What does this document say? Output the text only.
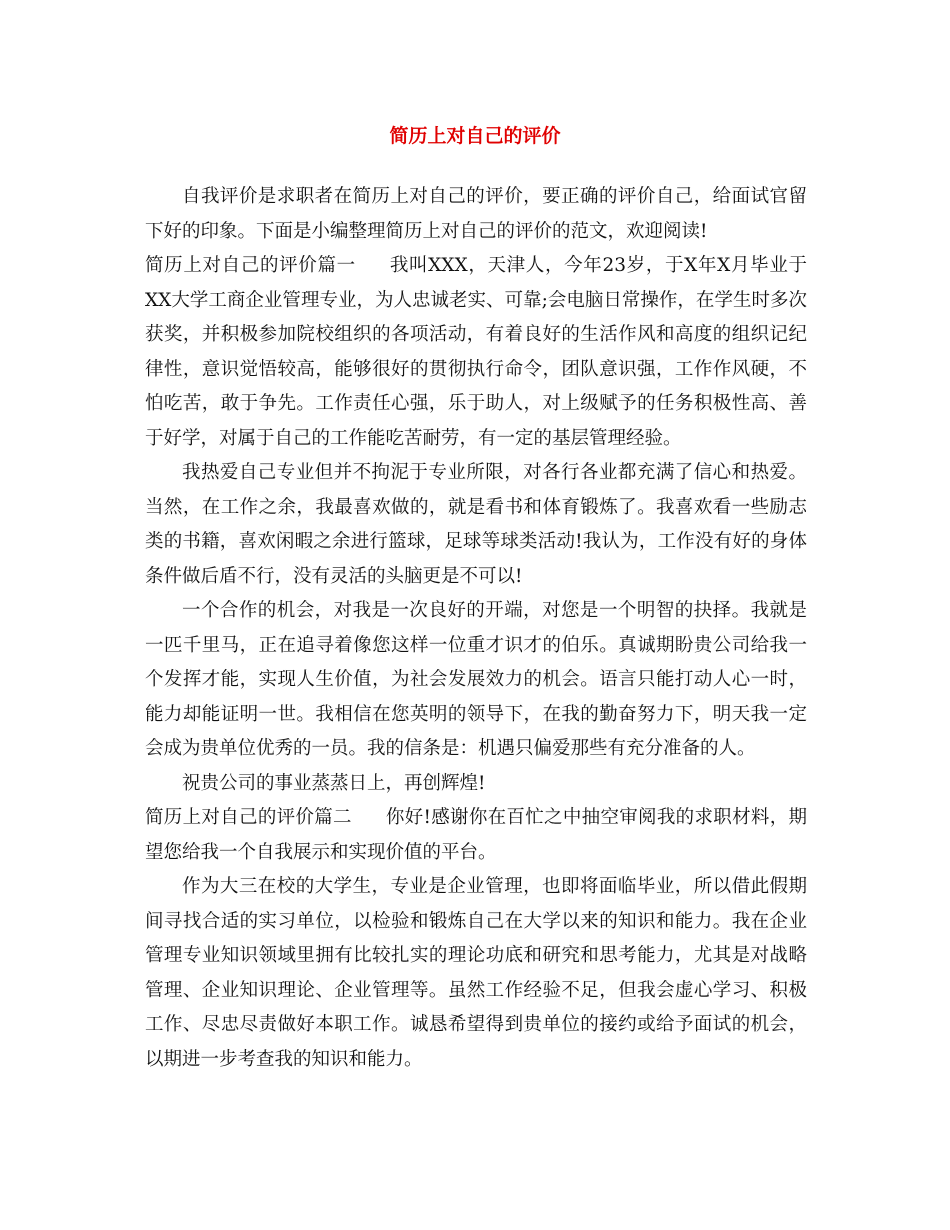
简历上对自己的评价

自我评价是求职者在简历上对自己的评价，要正确的评价自己，给面试官留下好的印象。下面是小编整理简历上对自己的评价的范文，欢迎阅读!

简历上对自己的评价篇一 我叫XXX，天津人，今年23岁，于X年X月毕业于XX大学工商企业管理专业，为人忠诚老实、可靠;会电脑日常操作，在学生时多次获奖，并积极参加院校组织的各项活动，有着良好的生活作风和高度的组织记纪律性，意识觉悟较高，能够很好的贯彻执行命令，团队意识强，工作作风硬，不怕吃苦，敢于争先。工作责任心强，乐于助人，对上级赋予的任务积极性高、善于好学，对属于自己的工作能吃苦耐劳，有一定的基层管理经验。

我热爱自己专业但并不拘泥于专业所限，对各行各业都充满了信心和热爱。当然，在工作之余，我最喜欢做的，就是看书和体育锻炼了。我喜欢看一些励志类的书籍，喜欢闲暇之余进行篮球，足球等球类活动!我认为，工作没有好的身体条件做后盾不行，没有灵活的头脑更是不可以!

一个合作的机会，对我是一次良好的开端，对您是一个明智的抉择。我就是一匹千里马，正在追寻着像您这样一位重才识才的伯乐。真诚期盼贵公司给我一个发挥才能，实现人生价值，为社会发展效力的机会。语言只能打动人心一时，能力却能证明一世。我相信在您英明的领导下，在我的勤奋努力下，明天我一定会成为贵单位优秀的一员。我的信条是：机遇只偏爱那些有充分准备的人。

祝贵公司的事业蒸蒸日上，再创辉煌!

简历上对自己的评价篇二 你好!感谢你在百忙之中抽空审阅我的求职材料，期望您给我一个自我展示和实现价值的平台。

作为大三在校的大学生，专业是企业管理，也即将面临毕业，所以借此假期间寻找合适的实习单位，以检验和锻炼自己在大学以来的知识和能力。我在企业管理专业知识领域里拥有比较扎实的理论功底和研究和思考能力，尤其是对战略管理、企业知识理论、企业管理等。虽然工作经验不足，但我会虚心学习、积极工作、尽忠尽责做好本职工作。诚恳希望得到贵单位的接约或给予面试的机会，以期进一步考查我的知识和能力。
